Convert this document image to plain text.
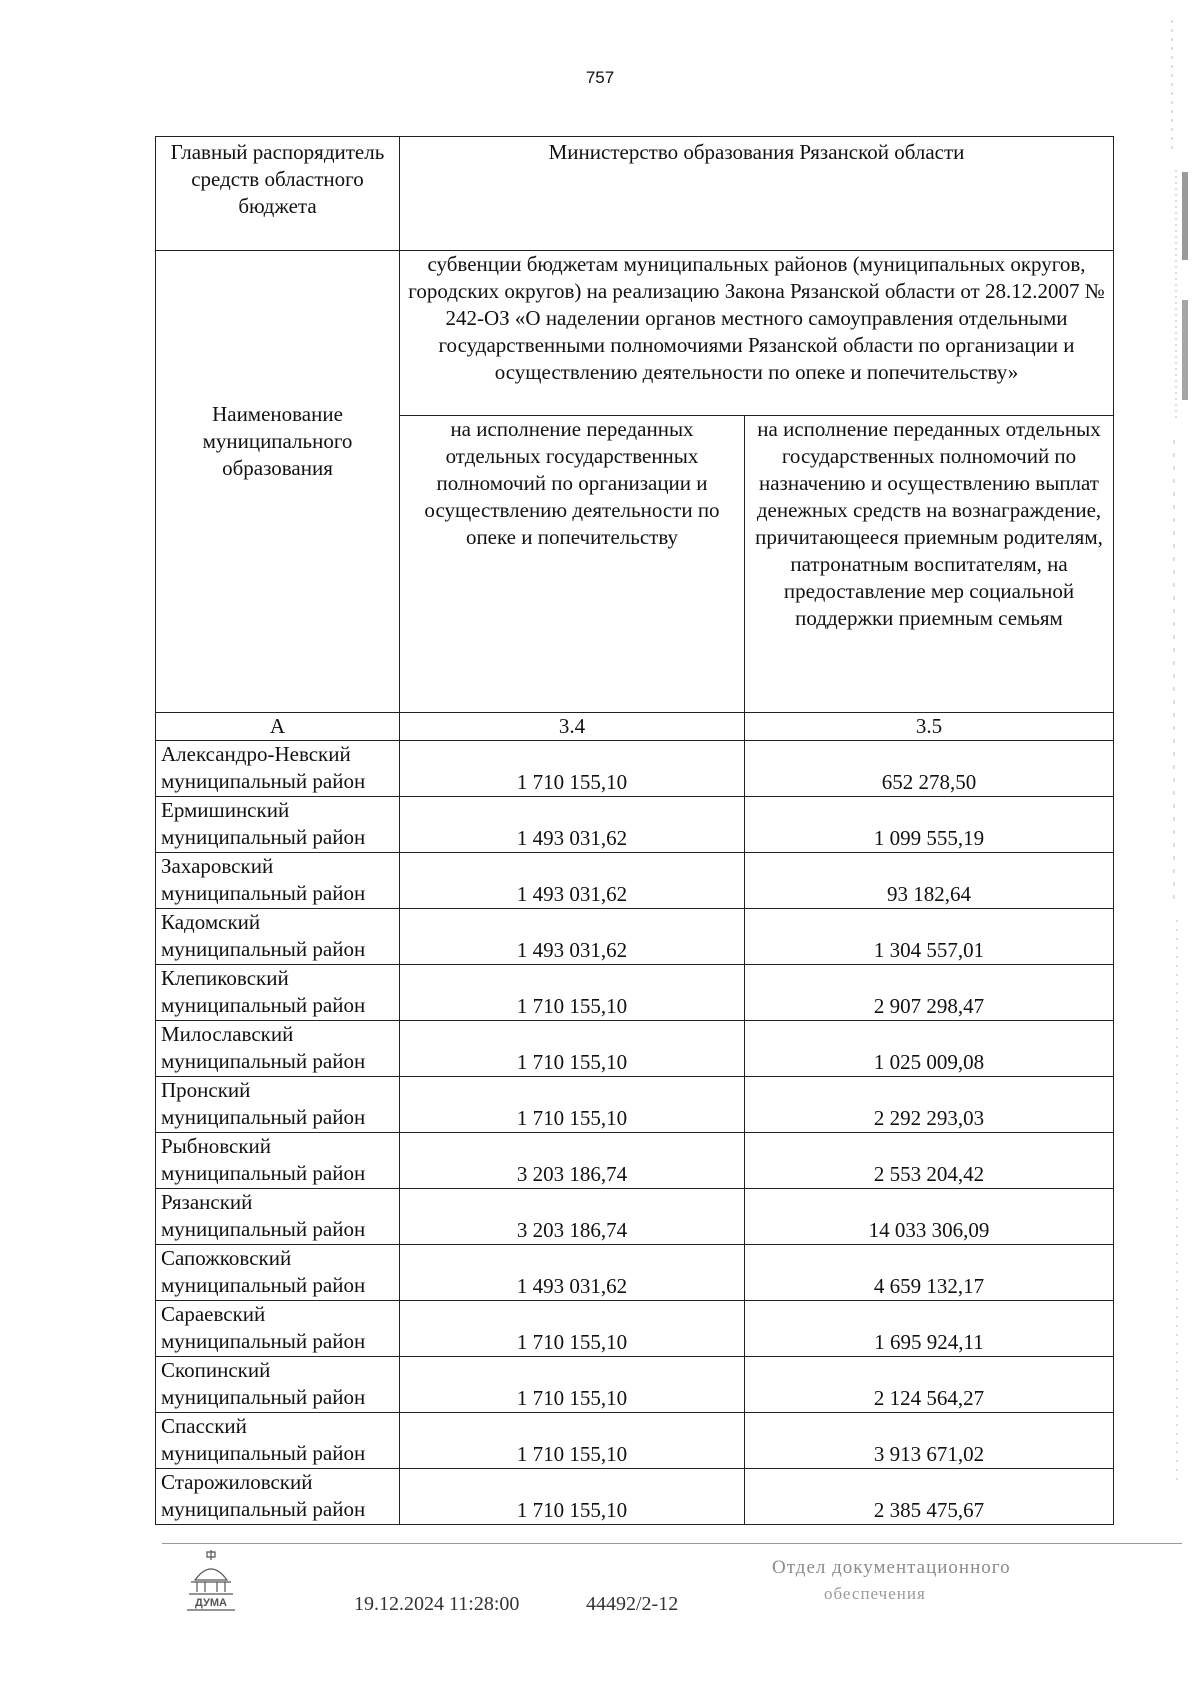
757
Главный распорядитель средств областного бюджета	Министерство образования Рязанской области	

Наименование муниципального образования	субвенции бюджетам муниципальных районов (муниципальных округов, городских округов) на реализацию Закона Рязанской области от 28.12.2007 № 242-ОЗ «О наделении органов местного самоуправления отдельными государственными полномочиями Рязанской области по организации и осуществлению деятельности по опеке и попечительству»	
	на исполнение переданных отдельных государственных полномочий по организации и осуществлению деятельности по опеке и попечительству	на исполнение переданных отдельных государственных полномочий по назначению и осуществлению выплат денежных средств на вознаграждение, причитающееся приемным родителям, патронатным воспитателям, на предоставление мер социальной поддержки приемным семьям
А	3.4	3.5

Александро-Невский
муниципальный район	1 710 155,10	652 278,50

Ермишинский
муниципальный район	1 493 031,62	1 099 555,19

Захаровский
муниципальный район	1 493 031,62	93 182,64

Кадомский
муниципальный район	1 493 031,62	1 304 557,01

Клепиковский
муниципальный район	1 710 155,10	2 907 298,47

Милославский
муниципальный район	1 710 155,10	1 025 009,08

Пронский
муниципальный район	1 710 155,10	2 292 293,03

Рыбновский
муниципальный район	3 203 186,74	2 553 204,42

Рязанский
муниципальный район	3 203 186,74	14 033 306,09

Сапожковский
муниципальный район	1 493 031,62	4 659 132,17

Сараевский
муниципальный район	1 710 155,10	1 695 924,11

Скопинский
муниципальный район	1 710 155,10	2 124 564,27

Спасский
муниципальный район	1 710 155,10	3 913 671,02

Старожиловский
муниципальный район	1 710 155,10	2 385 475,67
ДУМА	19.12.2024 11:28:00	44492/2-12
Отдел документационного
обеспечения
